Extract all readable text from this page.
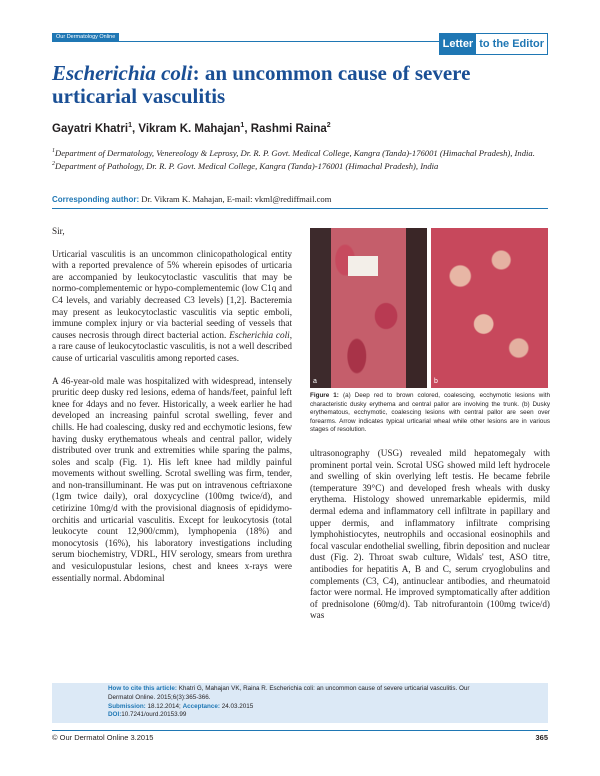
Our Dermatology Online
Letter to the Editor
Escherichia coli: an uncommon cause of severe urticarial vasculitis
Gayatri Khatri$^1$, Vikram K. Mahajan$^1$, Rashmi Raina$^2$
$^1$Department of Dermatology, Venereology & Leprosy, Dr. R. P. Govt. Medical College, Kangra (Tanda)-176001 (Himachal Pradesh), India. $^2$Department of Pathology, Dr. R. P. Govt. Medical College, Kangra (Tanda)-176001 (Himachal Pradesh), India
Corresponding author: Dr. Vikram K. Mahajan, E-mail: vkml@rediffmail.com

Sir,

Urticarial vasculitis is an uncommon clinicopathological entity with a reported prevalence of 5% wherein episodes of urticaria are accompanied by leukocytoclastic vasculitis that may be normo-complementemic or hypo-complementemic (low C1q and C4 levels, and variably decreased C3 levels) [1,2]. Bacteremia may present as leukocytoclastic vasculitis via septic emboli, immune complex injury or via bacterial seeding of vessels that causes necrosis through direct bacterial action. Escherichia coli, a rare cause of leukocytoclastic vasculitis, is not a well described cause of urticarial vasculitis among reported cases.

A 46-year-old male was hospitalized with widespread, intensely pruritic deep dusky red lesions, edema of hands/feet, painful left knee for 4days and no fever. Historically, a week earlier he had developed an increasing painful scrotal swelling, fever and chills. He had coalescing, dusky red and ecchymotic lesions, few having dusky erythematous wheals and central pallor, widely distributed over trunk and extremities while sparing the palms, soles and scalp (Fig. 1). His left knee had mildly painful movements without swelling. Scrotal swelling was firm, tender, and non-transilluminant. He was put on intravenous ceftriaxone (1gm twice daily), oral doxycycline (100mg twice/d), and cetirizine 10mg/d with the provisional diagnosis of epididymo-orchitis and urticarial vasculitis. Except for leukocytosis (total leukocyte count 12,900/cmm), lymphopenia (18%) and monocytosis (16%), his laboratory investigations including serum biochemistry, VDRL, HIV serology, smears from urethra and vesiculopustular lesions, chest and knees x-rays were essentially normal. Abdominal

a	b
Figure 1: (a) Deep red to brown colored, coalescing, ecchymotic lesions with characteristic dusky erythema and central pallor are involving the trunk. (b) Dusky erythematous, ecchymotic, coalescing lesions with central pallor are seen over forearms. Arrow indicates typical urticarial wheal while other lesions are in various stages of resolution.

ultrasonography (USG) revealed mild hepatomegaly with prominent portal vein. Scrotal USG showed mild left hydrocele and swelling of skin overlying left testis. He became febrile (temperature 39°C) and developed fresh wheals with dusky erythema. Histology showed unremarkable epidermis, mild dermal edema and inflammatory cell infiltrate in papillary and upper dermis, and inflammatory infiltrate comprising lymphohistiocytes, neutrophils and occasional eosinophils and focal vascular endothelial swelling, fibrin deposition and nuclear dust (Fig. 2). Throat swab culture, Widals' test, ASO titre, antibodies for hepatitis A, B and C, serum cryoglobulins and complements (C3, C4), antinuclear antibodies, and rheumatoid factor were normal. He improved symptomatically after addition of prednisolone (60mg/d). Tab nitrofurantoin (100mg twice/d) was

How to cite this article: Khatri G, Mahajan VK, Raina R. Escherichia coli: an uncommon cause of severe urticarial vasculitis. Our Dermatol Online. 2015;6(3):365-366.
Submission: 18.12.2014; Acceptance: 24.03.2015
DOI:10.7241/ourd.20153.99
© Our Dermatol Online 3.2015	365
